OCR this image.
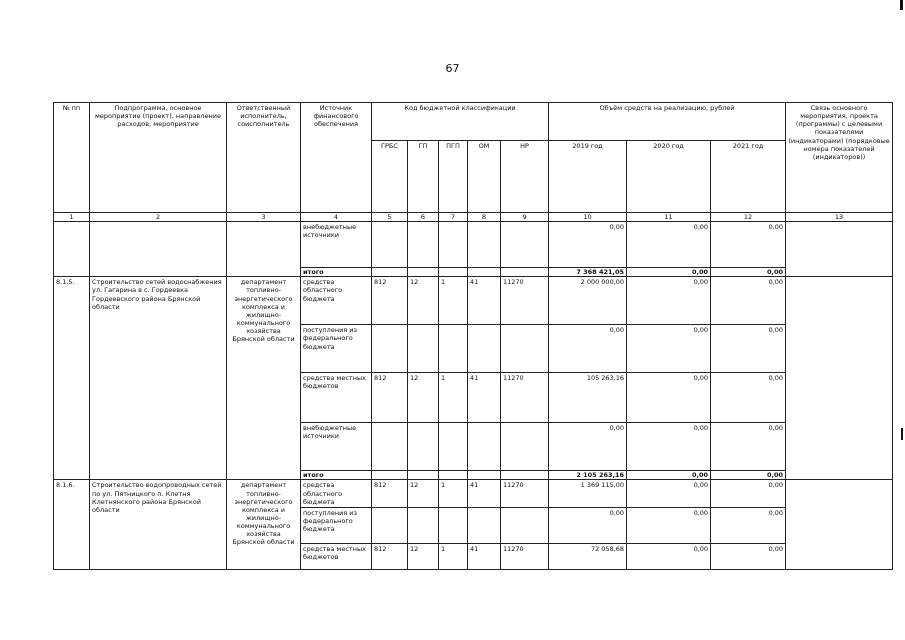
67
№ пп	Подпрограмма, основное мероприятие (проект), направление расходов, мероприятие	Ответственный исполнитель, соисполнитель	Источник финансового обеспечения	Код бюджетной классификации					Объём средств на реализацию, рублей			Связь основного мероприятия, проекта (программы) с целевыми показателями (индикаторами) (порядковые номера показателей (индикаторов))
				ГРБС	ГП	ПГП	ОМ	НР	2019 год	2020 год	2021 год	
1	2	3	4	5	6	7	8	9	10	11	12	13
			внебюджетные источники						0,00	0,00	0,00	
			итого						7 368 421,05	0,00	0,00	
8.1.5.	Строительство сетей водоснабжения ул. Гагарина в с. Гордеевка Гордеевского района Брянской области	департамент топливно-энергетического комплекса и жилищно-коммунального хозяйства Брянской области	средства областного бюджета	812	12	1	41	11270	2 000 000,00	0,00	0,00	
			поступления из федерального бюджета						0,00	0,00	0,00	
			средства местных бюджетов	812	12	1	41	11270	105 263,16	0,00	0,00	
			внебюджетные источники						0,00	0,00	0,00	
			итого						2 105 263,16	0,00	0,00	
8.1.6.	Строительство водопроводных сетей по ул. Пятницкого п. Клетня Клетнянского района Брянской области	департамент топливно-энергетического комплекса и жилищно-коммунального хозяйства Брянской области	средства областного бюджета	812	12	1	41	11270	1 369 115,00	0,00	0,00	
			поступления из федерального бюджета						0,00	0,00	0,00	
			средства местных бюджетов	812	12	1	41	11270	72 058,68	0,00	0,00	
